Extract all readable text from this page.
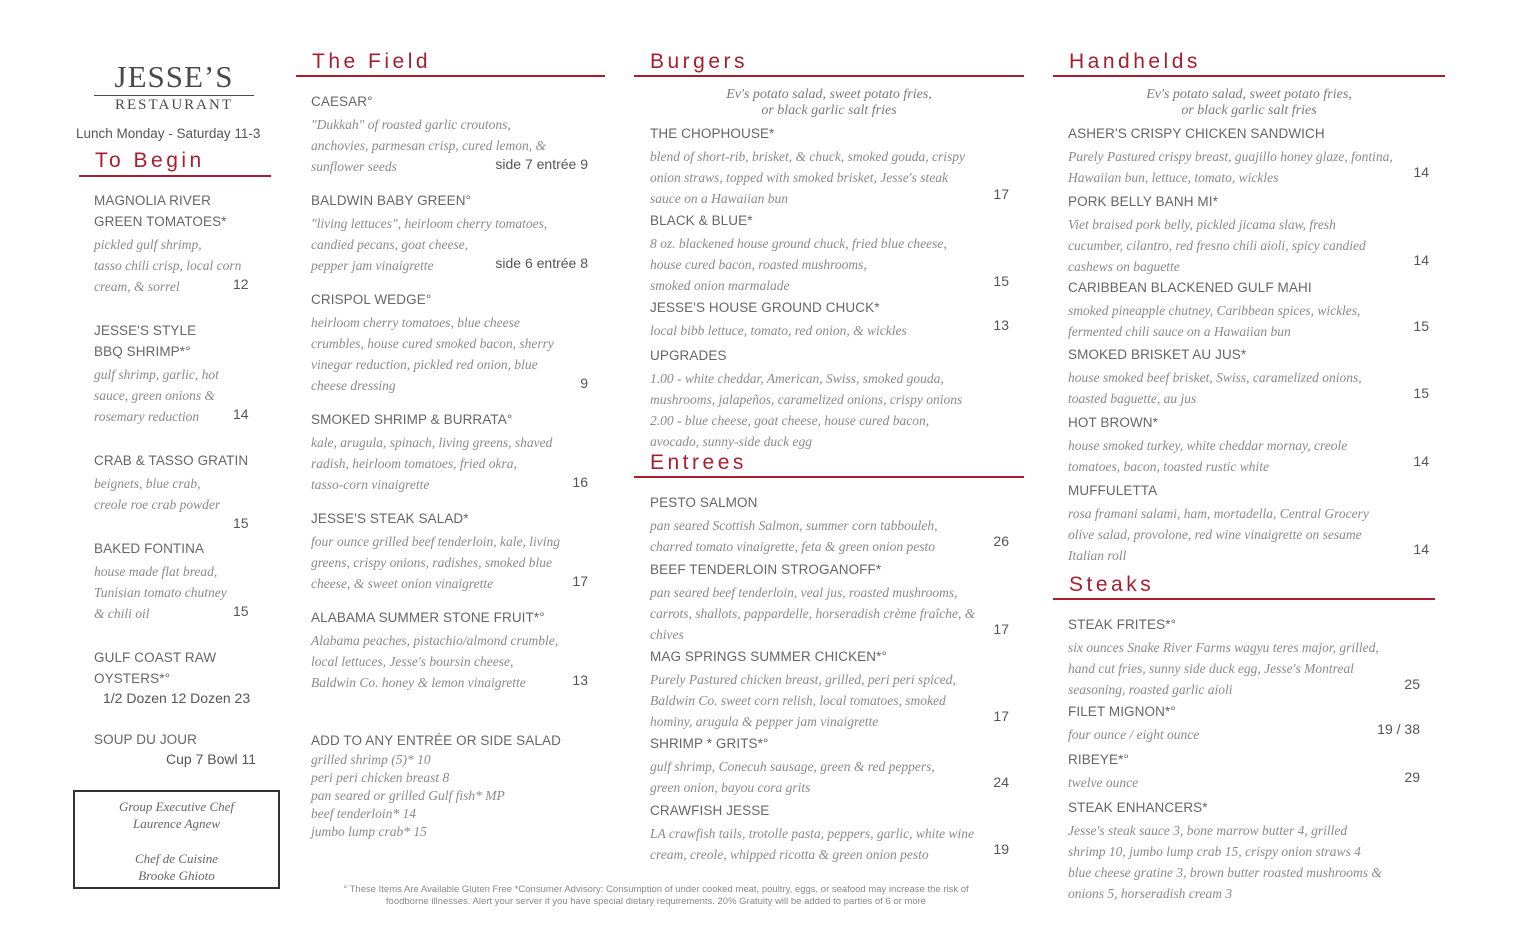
JESSE’S
RESTAURANT
Lunch Monday - Saturday 11-3
To Begin
MAGNOLIA RIVER
GREEN TOMATOES*

pickled gulf shrimp,

tasso chili crisp, local corn

cream, & sorrel	12
JESSE'S STYLE
BBQ SHRIMP*°

gulf shrimp, garlic, hot

sauce, green onions &

rosemary reduction	14
CRAB & TASSO GRATIN

beignets, blue crab,

creole roe crab powder

15
BAKED FONTINA

house made flat bread,

Tunisian tomato chutney

& chili oil	15
GULF COAST RAW
OYSTERS*°
1/2 Dozen 12 Dozen 23
SOUP DU JOUR
Cup 7 Bowl 11
Group Executive Chef
Laurence Agnew
Chef de Cuisine
Brooke Ghioto
The Field
CAESAR°

"Dukkah" of roasted garlic croutons,

anchovies, parmesan crisp, cured lemon, &

sunflower seeds	side 7 entrée 9
BALDWIN BABY GREEN°

"living lettuces", heirloom cherry tomatoes,

candied pecans, goat cheese,

pepper jam vinaigrette	side 6 entrée 8
CRISPOL WEDGE°

heirloom cherry tomatoes, blue cheese

crumbles, house cured smoked bacon, sherry

vinegar reduction, pickled red onion, blue

cheese dressing	9
SMOKED SHRIMP & BURRATA°

kale, arugula, spinach, living greens, shaved

radish, heirloom tomatoes, fried okra,

tasso-corn vinaigrette	16
JESSE'S STEAK SALAD*

four ounce grilled beef tenderloin, kale, living

greens, crispy onions, radishes, smoked blue

cheese, & sweet onion vinaigrette	17
ALABAMA SUMMER STONE FRUIT*°

Alabama peaches, pistachio/almond crumble,

local lettuces, Jesse's boursin cheese,

Baldwin Co. honey & lemon vinaigrette	13
ADD TO ANY ENTRÉE OR SIDE SALAD

grilled shrimp (5)* 10

peri peri chicken breast 8

pan seared or grilled Gulf fish* MP

beef tenderloin* 14

jumbo lump crab* 15

Burgers
Ev's potato salad, sweet potato fries,
or black garlic salt fries
THE CHOPHOUSE*

blend of short-rib, brisket, & chuck, smoked gouda, crispy

onion straws, topped with smoked brisket, Jesse's steak

sauce on a Hawaiian bun	17
BLACK & BLUE*

8 oz. blackened house ground chuck, fried blue cheese,

house cured bacon, roasted mushrooms,

smoked onion marmalade	15
JESSE'S HOUSE GROUND CHUCK*

local bibb lettuce, tomato, red onion, & wickles	13
UPGRADES

1.00 - white cheddar, American, Swiss, smoked gouda,

mushrooms, jalapeños, caramelized onions, crispy onions

2.00 - blue cheese, goat cheese, house cured bacon,

avocado, sunny-side duck egg

Entrees
PESTO SALMON

pan seared Scottish Salmon, summer corn tabbouleh,

charred tomato vinaigrette, feta & green onion pesto	26
BEEF TENDERLOIN STROGANOFF*

pan seared beef tenderloin, veal jus, roasted mushrooms,

carrots, shallots, pappardelle, horseradish crème fraîche, &

chives	17
MAG SPRINGS SUMMER CHICKEN*°

Purely Pastured chicken breast, grilled, peri peri spiced,

Baldwin Co. sweet corn relish, local tomatoes, smoked

hominy, arugula & pepper jam vinaigrette	17
SHRIMP * GRITS*°

gulf shrimp, Conecuh sausage, green & red peppers,

green onion, bayou cora grits	24
CRAWFISH JESSE

LA crawfish tails, trotolle pasta, peppers, garlic, white wine

cream, creole, whipped ricotta & green onion pesto	19
Handhelds
Ev's potato salad, sweet potato fries,
or black garlic salt fries
ASHER'S CRISPY CHICKEN SANDWICH

Purely Pastured crispy breast, guajillo honey glaze, fontina,

Hawaiian bun, lettuce, tomato, wickles	14
PORK BELLY BANH MI*

Viet braised pork belly, pickled jicama slaw, fresh

cucumber, cilantro, red fresno chili aioli, spicy candied

cashews on baguette	14
CARIBBEAN BLACKENED GULF MAHI

smoked pineapple chutney, Caribbean spices, wickles,

fermented chili sauce on a Hawaiian bun	15
SMOKED BRISKET AU JUS*

house smoked beef brisket, Swiss, caramelized onions,

toasted baguette, au jus	15
HOT BROWN*

house smoked turkey, white cheddar mornay, creole

tomatoes, bacon, toasted rustic white	14
MUFFULETTA

rosa framani salami, ham, mortadella, Central Grocery

olive salad, provolone, red wine vinaigrette on sesame

Italian roll	14
Steaks
STEAK FRITES*°

six ounces Snake River Farms wagyu teres major, grilled,

hand cut fries, sunny side duck egg, Jesse's Montreal

seasoning, roasted garlic aioli	25
FILET MIGNON*°

four ounce / eight ounce	19 / 38
RIBEYE*°

twelve ounce	29
STEAK ENHANCERS*

Jesse's steak sauce 3, bone marrow butter 4, grilled

shrimp 10, jumbo lump crab 15, crispy onion straws 4

blue cheese gratine 3, brown butter roasted mushrooms &

onions 5, horseradish cream 3

° These Items Are Available Gluten Free *Consumer Advisory: Consumption of under cooked meat, poultry, eggs, or seafood may increase the risk of
foodborne illnesses. Alert your server if you have special dietary requirements. 20% Gratuity will be added to parties of 6 or more
